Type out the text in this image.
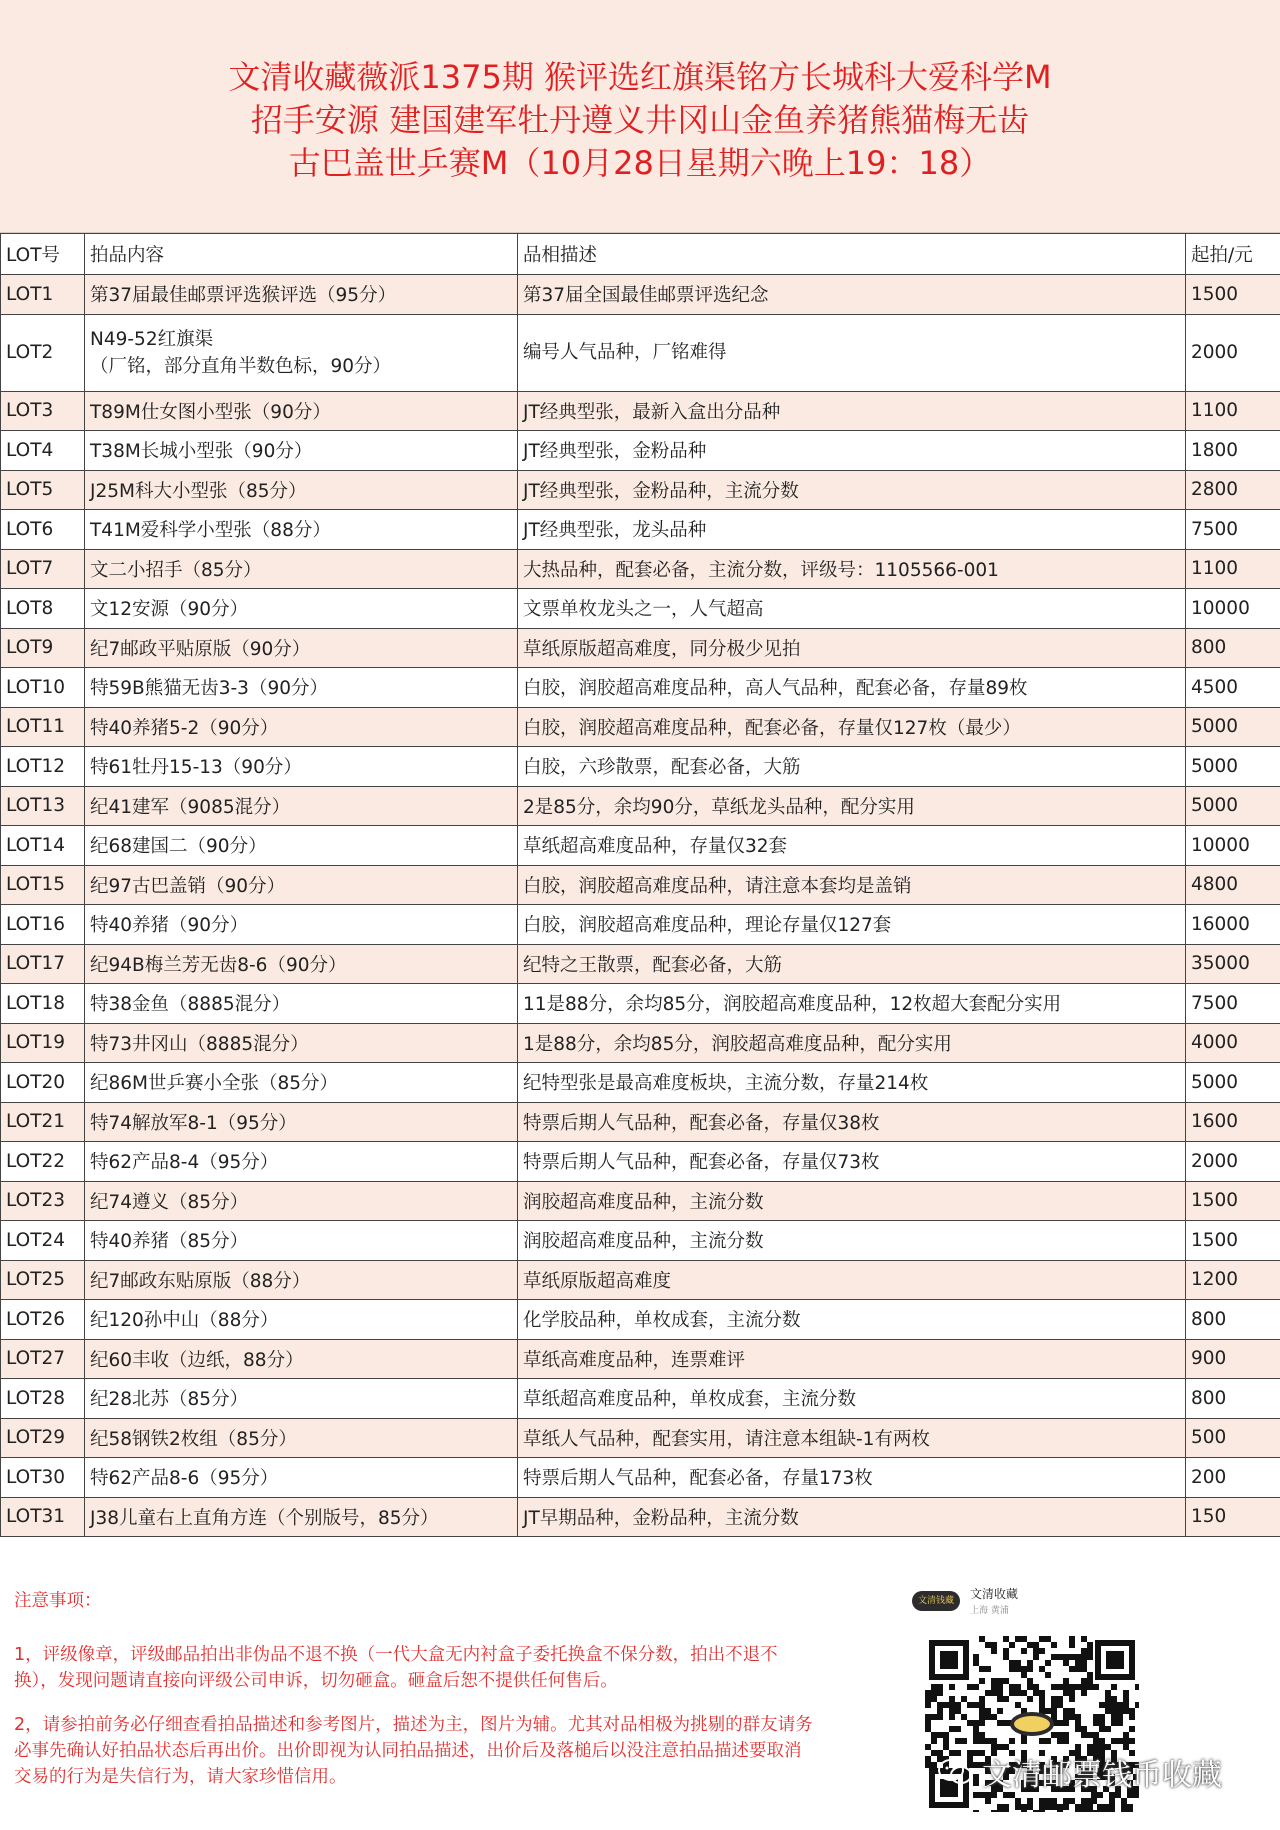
文清收藏薇派1375期 猴评选红旗渠铭方长城科大爱科学M
招手安源 建国建军牡丹遵义井冈山金鱼养猪熊猫梅无齿
古巴盖世乒赛M（10月28日星期六晚上19：18）
LOT号	拍品内容	品相描述	起拍/元
LOT1	第37届最佳邮票评选猴评选（95分）	第37届全国最佳邮票评选纪念	1500
LOT2	N49-52红旗渠
（厂铭，部分直角半数色标，90分）	编号人气品种，厂铭难得	2000
LOT3	T89M仕女图小型张（90分）	JT经典型张，最新入盒出分品种	1100
LOT4	T38M长城小型张（90分）	JT经典型张，金粉品种	1800
LOT5	J25M科大小型张（85分）	JT经典型张，金粉品种，主流分数	2800
LOT6	T41M爱科学小型张（88分）	JT经典型张，龙头品种	7500
LOT7	文二小招手（85分）	大热品种，配套必备，主流分数，评级号：1105566-001	1100
LOT8	文12安源（90分）	文票单枚龙头之一，人气超高	10000
LOT9	纪7邮政平贴原版（90分）	草纸原版超高难度，同分极少见拍	800
LOT10	特59B熊猫无齿3-3（90分）	白胶，润胶超高难度品种，高人气品种，配套必备，存量89枚	4500
LOT11	特40养猪5-2（90分）	白胶，润胶超高难度品种，配套必备，存量仅127枚（最少）	5000
LOT12	特61牡丹15-13（90分）	白胶，六珍散票，配套必备，大筋	5000
LOT13	纪41建军（9085混分）	2是85分，余均90分，草纸龙头品种，配分实用	5000
LOT14	纪68建国二（90分）	草纸超高难度品种，存量仅32套	10000
LOT15	纪97古巴盖销（90分）	白胶，润胶超高难度品种，请注意本套均是盖销	4800
LOT16	特40养猪（90分）	白胶，润胶超高难度品种，理论存量仅127套	16000
LOT17	纪94B梅兰芳无齿8-6（90分）	纪特之王散票，配套必备，大筋	35000
LOT18	特38金鱼（8885混分）	11是88分，余均85分，润胶超高难度品种，12枚超大套配分实用	7500
LOT19	特73井冈山（8885混分）	1是88分，余均85分，润胶超高难度品种，配分实用	4000
LOT20	纪86M世乒赛小全张（85分）	纪特型张是最高难度板块，主流分数，存量214枚	5000
LOT21	特74解放军8-1（95分）	特票后期人气品种，配套必备，存量仅38枚	1600
LOT22	特62产品8-4（95分）	特票后期人气品种，配套必备，存量仅73枚	2000
LOT23	纪74遵义（85分）	润胶超高难度品种，主流分数	1500
LOT24	特40养猪（85分）	润胶超高难度品种，主流分数	1500
LOT25	纪7邮政东贴原版（88分）	草纸原版超高难度	1200
LOT26	纪120孙中山（88分）	化学胶品种，单枚成套，主流分数	800
LOT27	纪60丰收（边纸，88分）	草纸高难度品种，连票难评	900
LOT28	纪28北苏（85分）	草纸超高难度品种，单枚成套，主流分数	800
LOT29	纪58钢铁2枚组（85分）	草纸人气品种，配套实用，请注意本组缺-1有两枚	500
LOT30	特62产品8-6（95分）	特票后期人气品种，配套必备，存量173枚	200
LOT31	J38儿童右上直角方连（个别版号，85分）	JT早期品种，金粉品种，主流分数	150

注意事项：

1，评级像章，评级邮品拍出非伪品不退不换（一代大盒无内衬盒子委托换盒不保分数，拍出不退不换），发现问题请直接向评级公司申诉，切勿砸盒。砸盒后恕不提供任何售后。

2，请参拍前务必仔细查看拍品描述和参考图片，描述为主，图片为辅。尤其对品相极为挑剔的群友请务必事先确认好拍品状态后再出价。出价即视为认同拍品描述，出价后及落槌后以没注意拍品描述要取消交易的行为是失信行为，请大家珍惜信用。

文清钱藏	文清收藏
上海 黄浦
文清邮票钱币收藏
